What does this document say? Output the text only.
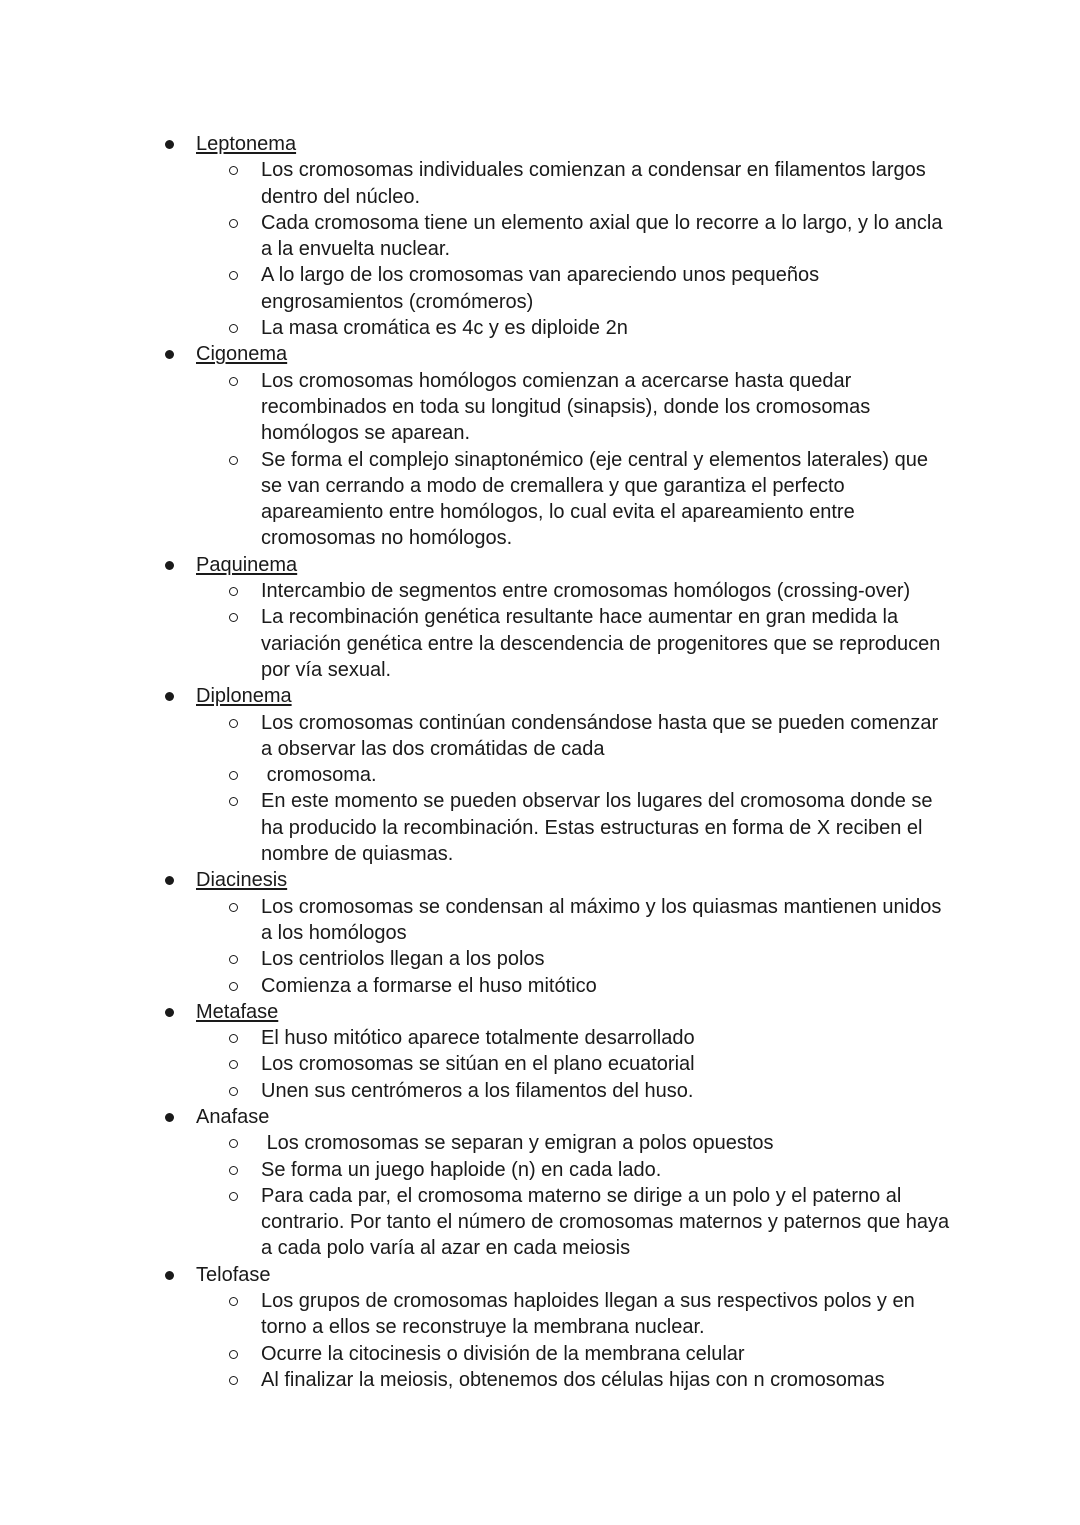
Leptonema
Los cromosomas individuales comienzan a condensar en filamentos largos
dentro del núcleo.
Cada cromosoma tiene un elemento axial que lo recorre a lo largo, y lo ancla
a la envuelta nuclear.
A lo largo de los cromosomas van apareciendo unos pequeños
engrosamientos (cromómeros)
La masa cromática es 4c y es diploide 2n
Cigonema
Los cromosomas homólogos comienzan a acercarse hasta quedar
recombinados en toda su longitud (sinapsis), donde los cromosomas
homólogos se aparean.
Se forma el complejo sinaptonémico (eje central y elementos laterales) que
se van cerrando a modo de cremallera y que garantiza el perfecto
apareamiento entre homólogos, lo cual evita el apareamiento entre
cromosomas no homólogos.
Paquinema
Intercambio de segmentos entre cromosomas homólogos (crossing-over)
La recombinación genética resultante hace aumentar en gran medida la
variación genética entre la descendencia de progenitores que se reproducen
por vía sexual.
Diplonema
Los cromosomas continúan condensándose hasta que se pueden comenzar
a observar las dos cromátidas de cada
cromosoma.
En este momento se pueden observar los lugares del cromosoma donde se
ha producido la recombinación. Estas estructuras en forma de X reciben el
nombre de quiasmas.
Diacinesis
Los cromosomas se condensan al máximo y los quiasmas mantienen unidos
a los homólogos
Los centriolos llegan a los polos
Comienza a formarse el huso mitótico
Metafase
El huso mitótico aparece totalmente desarrollado
Los cromosomas se sitúan en el plano ecuatorial
Unen sus centrómeros a los filamentos del huso.
Anafase
Los cromosomas se separan y emigran a polos opuestos
Se forma un juego haploide (n) en cada lado.
Para cada par, el cromosoma materno se dirige a un polo y el paterno al
contrario. Por tanto el número de cromosomas maternos y paternos que haya
a cada polo varía al azar en cada meiosis
Telofase
Los grupos de cromosomas haploides llegan a sus respectivos polos y en
torno a ellos se reconstruye la membrana nuclear.
Ocurre la citocinesis o división de la membrana celular
Al finalizar la meiosis, obtenemos dos células hijas con n cromosomas
